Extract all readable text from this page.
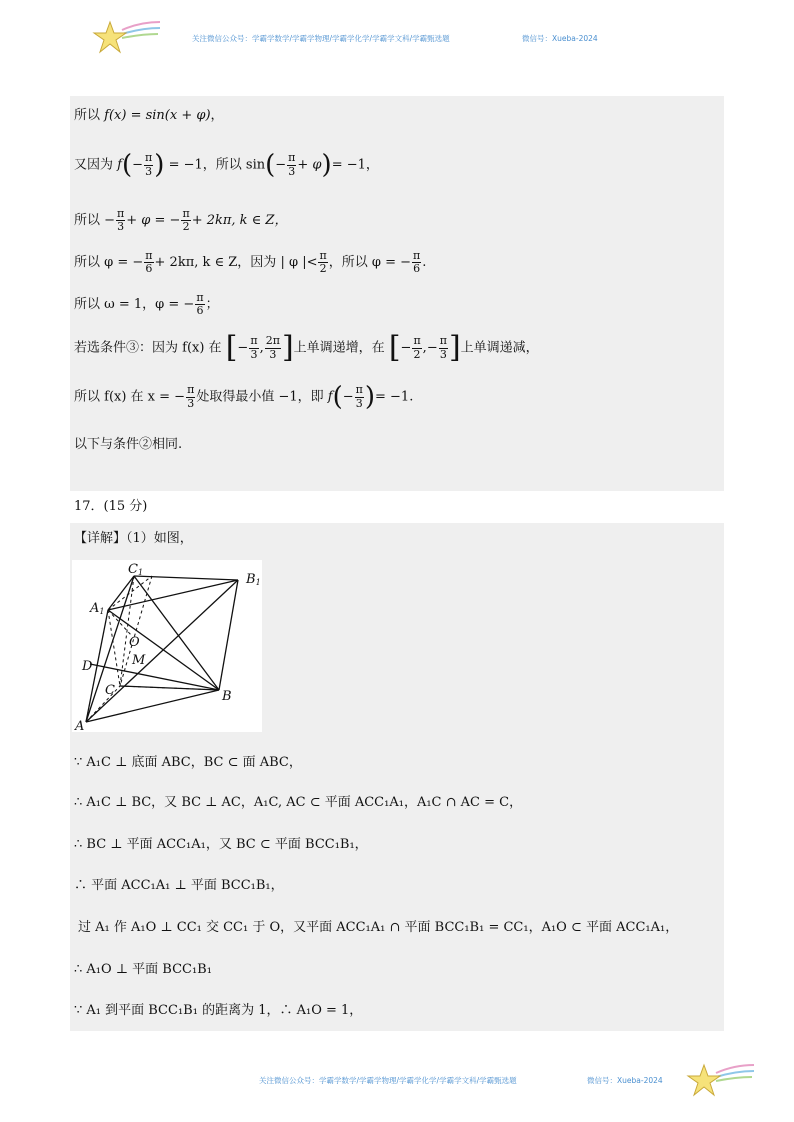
关注微信公众号：学霸学数学/学霸学物理/学霸学化学/学霸学文科/学霸甄选题	微信号：Xueba-2024
所以 f(x) = sin(x + φ)，
又因为 $f(- \frac{\pi}{3}$ ) = −1，所以 $\sin(- \frac{\pi}{3} + \varphi)= -1$，
所以 − $\frac{\pi}{3} + \varphi$ = − $\frac{\pi}{2} + 2k\pi$, k ∈ Z，
所以 φ = − $\frac{\pi}{6} + 2k\pi$, k ∈ Z，因为 | φ |< $\frac{\pi}{2}$ ，所以 φ = − $\frac{\pi}{6}$ .
所以 ω = 1，φ = − $\frac{\pi}{6}$ ；
若选条件③：因为 f(x) 在 [− $\frac{\pi}{3}$ , $\frac{2\pi}{3}$ ]上单调递增，在 [− $\frac{\pi}{2}$ ,− $\frac{\pi}{3}$ ]上单调递减，
所以 f(x) 在 x = − $\frac{\pi}{3}$ 处取得最小值 −1，即 $f(- \frac{\pi}{3}$ )= −1.
以下与条件②相同.
17．(15 分)
【详解】（1）如图，
C1	B1
A1
O
M
D
C	B
A
∵ A₁C ⊥ 底面 ABC，BC ⊂ 面 ABC，
∴ A₁C ⊥ BC，又 BC ⊥ AC，A₁C, AC ⊂ 平面 ACC₁A₁，A₁C ∩ AC = C，
∴ BC ⊥ 平面 ACC₁A₁，又 BC ⊂ 平面 BCC₁B₁，
∴ 平面 ACC₁A₁ ⊥ 平面 BCC₁B₁，
过 A₁ 作 A₁O ⊥ CC₁ 交 CC₁ 于 O，又平面 ACC₁A₁ ∩ 平面 BCC₁B₁ = CC₁，A₁O ⊂ 平面 ACC₁A₁，
∴ A₁O ⊥ 平面 BCC₁B₁
∵ A₁ 到平面 BCC₁B₁ 的距离为 1，∴ A₁O = 1，
关注微信公众号：学霸学数学/学霸学物理/学霸学化学/学霸学文科/学霸甄选题	微信号：Xueba-2024
